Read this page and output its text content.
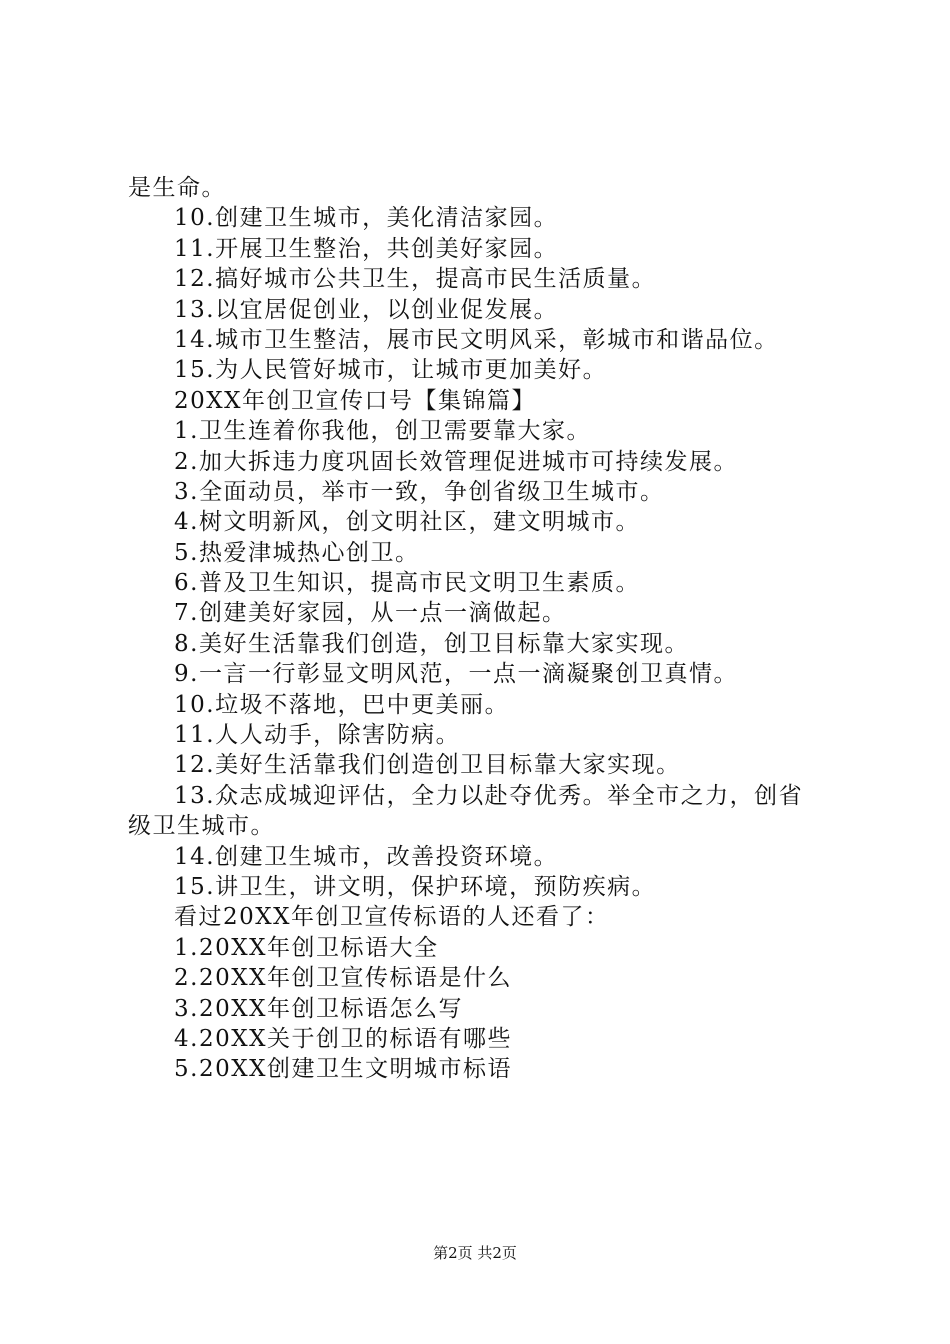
是生命。
10.创建卫生城市，美化清洁家园。
11.开展卫生整治，共创美好家园。
12.搞好城市公共卫生，提高市民生活质量。
13.以宜居促创业，以创业促发展。
14.城市卫生整洁，展市民文明风采，彰城市和谐品位。
15.为人民管好城市，让城市更加美好。
20XX年创卫宣传口号【集锦篇】
1.卫生连着你我他，创卫需要靠大家。
2.加大拆违力度巩固长效管理促进城市可持续发展。
3.全面动员，举市一致，争创省级卫生城市。
4.树文明新风，创文明社区，建文明城市。
5.热爱津城热心创卫。
6.普及卫生知识，提高市民文明卫生素质。
7.创建美好家园，从一点一滴做起。
8.美好生活靠我们创造，创卫目标靠大家实现。
9.一言一行彰显文明风范，一点一滴凝聚创卫真情。
10.垃圾不落地，巴中更美丽。
11.人人动手，除害防病。
12.美好生活靠我们创造创卫目标靠大家实现。
13.众志成城迎评估，全力以赴夺优秀。举全市之力，创省
级卫生城市。
14.创建卫生城市，改善投资环境。
15.讲卫生，讲文明，保护环境，预防疾病。
看过20XX年创卫宣传标语的人还看了：
1.20XX年创卫标语大全
2.20XX年创卫宣传标语是什么
3.20XX年创卫标语怎么写
4.20XX关于创卫的标语有哪些
5.20XX创建卫生文明城市标语
第2页 共2页
